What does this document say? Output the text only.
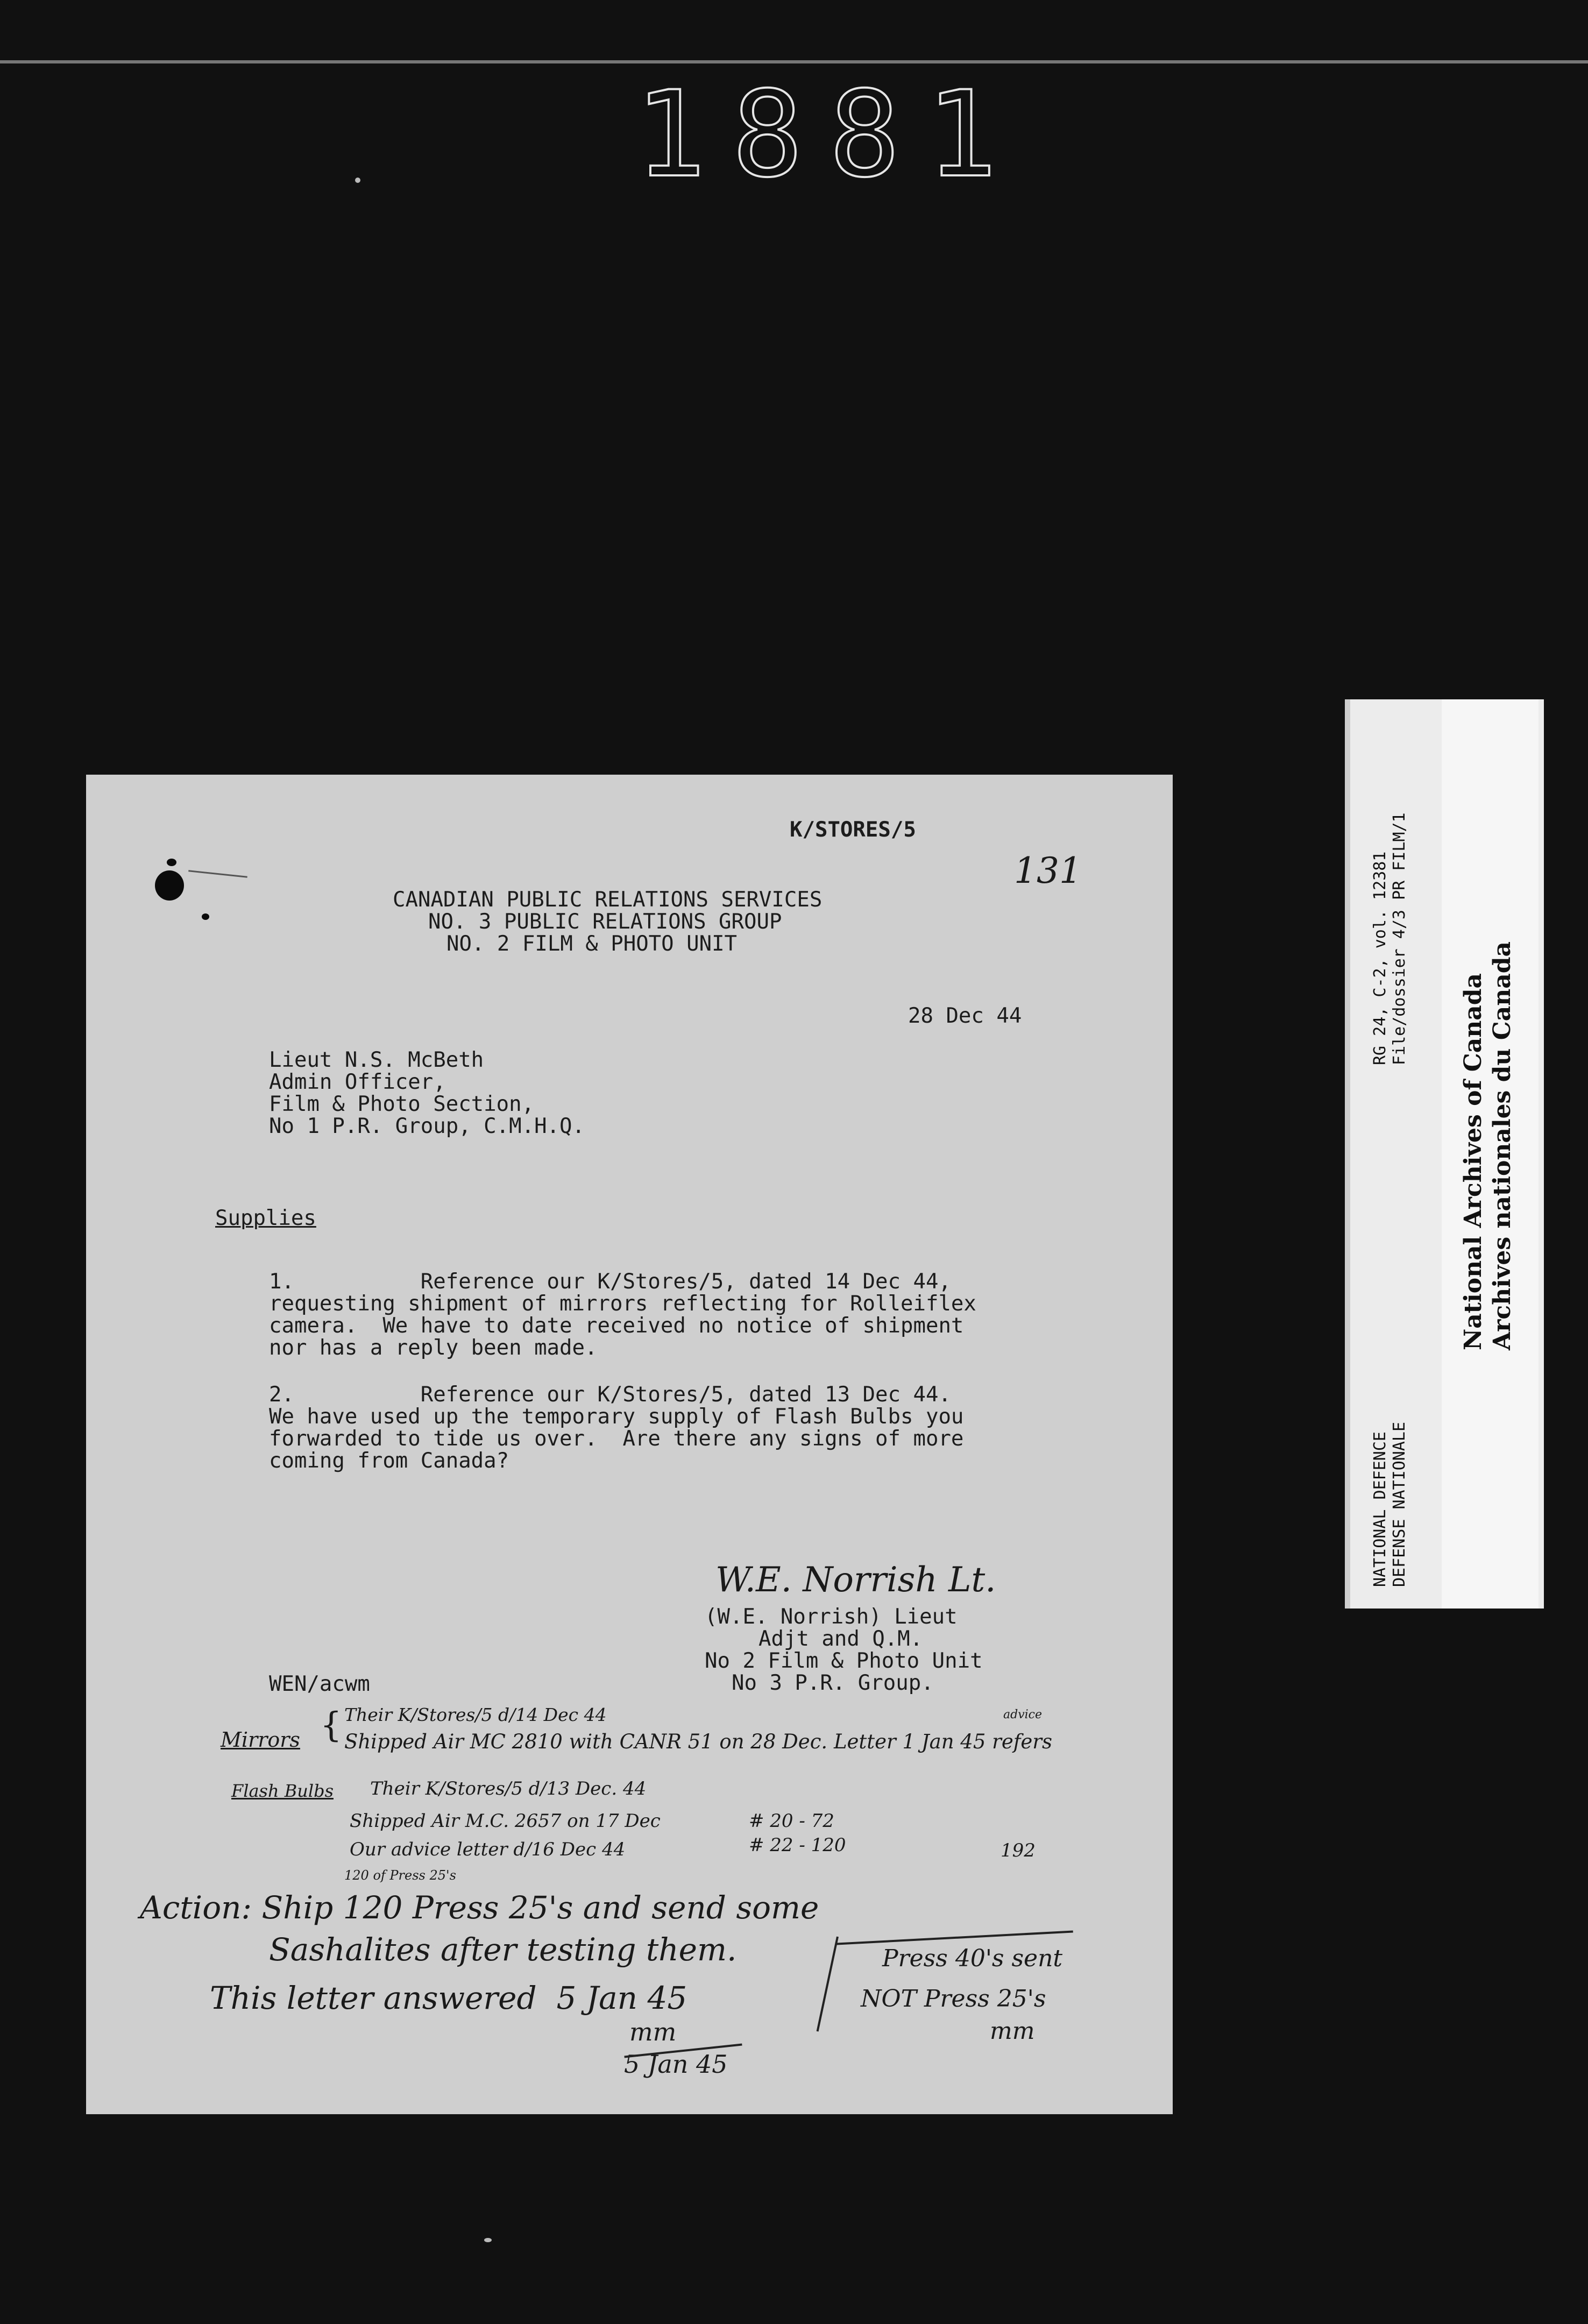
1881
K/STORES/5
131
CANADIAN PUBLIC RELATIONS SERVICES
NO. 3 PUBLIC RELATIONS GROUP
NO. 2 FILM & PHOTO UNIT
28 Dec 44
Lieut N.S. McBeth
Admin Officer,
Film & Photo Section,
No 1 P.R. Group, C.M.H.Q.
Supplies
1.          Reference our K/Stores/5, dated 14 Dec 44,
requesting shipment of mirrors reflecting for Rolleiflex
camera.  We have to date received no notice of shipment
nor has a reply been made.
2.          Reference our K/Stores/5, dated 13 Dec 44.
We have used up the temporary supply of Flash Bulbs you
forwarded to tide us over.  Are there any signs of more
coming from Canada?
W.E. Norrish Lt.
(W.E. Norrish) Lieut
Adjt and Q.M.
No 2 Film & Photo Unit
No 3 P.R. Group.
WEN/acwm
Mirrors { Their K/Stores/5 d/14 Dec 44
Shipped Air MC 2810 with CANR 51 on 28 Dec. Letter 1 Jan 45 refers
advice
Flash Bulbs Their K/Stores/5 d/13 Dec. 44
Shipped Air M.C. 2657 on 17 Dec
Our advice letter d/16 Dec 44
# 20 - 72
# 22 - 120	192
120 of Press 25's
Action: Ship 120 Press 25's and send some
Sashalites after testing them.
This letter answered  5 Jan 45
mm
5 Jan 45
Press 40's sent
NOT Press 25's
mm
RG 24, C-2, vol. 12381
File/dossier 4/3 PR FILM/1
NATIONAL DEFENCE
DEFENSE NATIONALE
National Archives of Canada
Archives nationales du Canada
